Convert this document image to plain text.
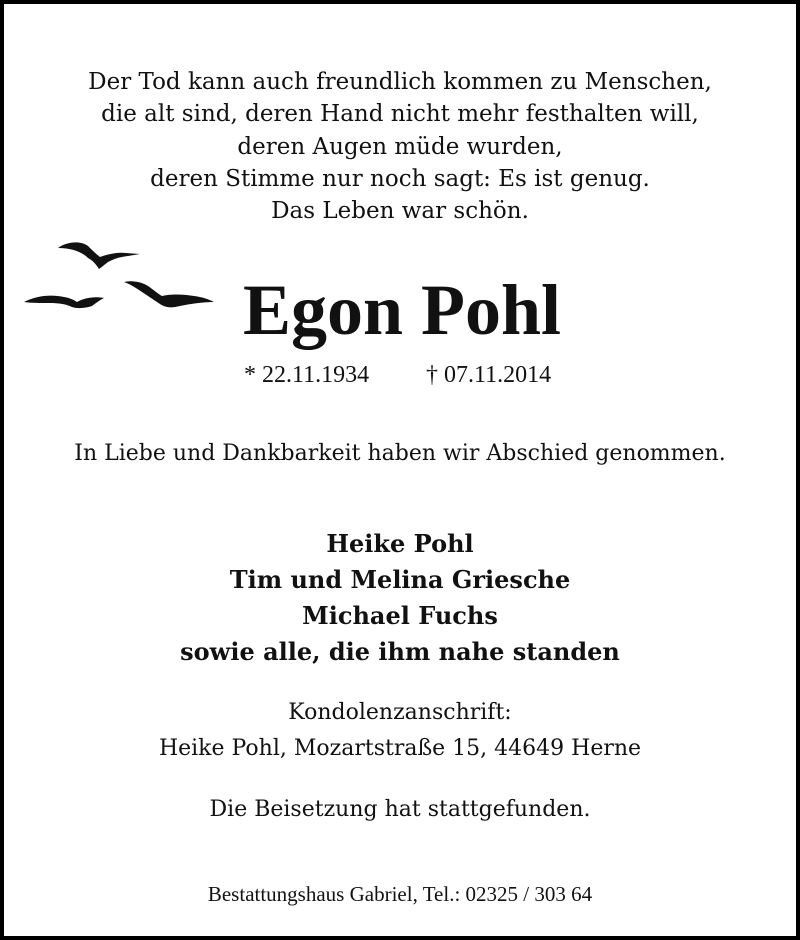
Der Tod kann auch freundlich kommen zu Menschen,
die alt sind, deren Hand nicht mehr festhalten will,
deren Augen müde wurden,
deren Stimme nur noch sagt: Es ist genug.
Das Leben war schön.
Egon Pohl
* 22.11.1934 † 07.11.2014
In Liebe und Dankbarkeit haben wir Abschied genommen.
Heike Pohl
Tim und Melina Griesche
Michael Fuchs
sowie alle, die ihm nahe standen
Kondolenzanschrift:
Heike Pohl, Mozartstraße 15, 44649 Herne
Die Beisetzung hat stattgefunden.
Bestattungshaus Gabriel, Tel.: 02325 / 303 64
